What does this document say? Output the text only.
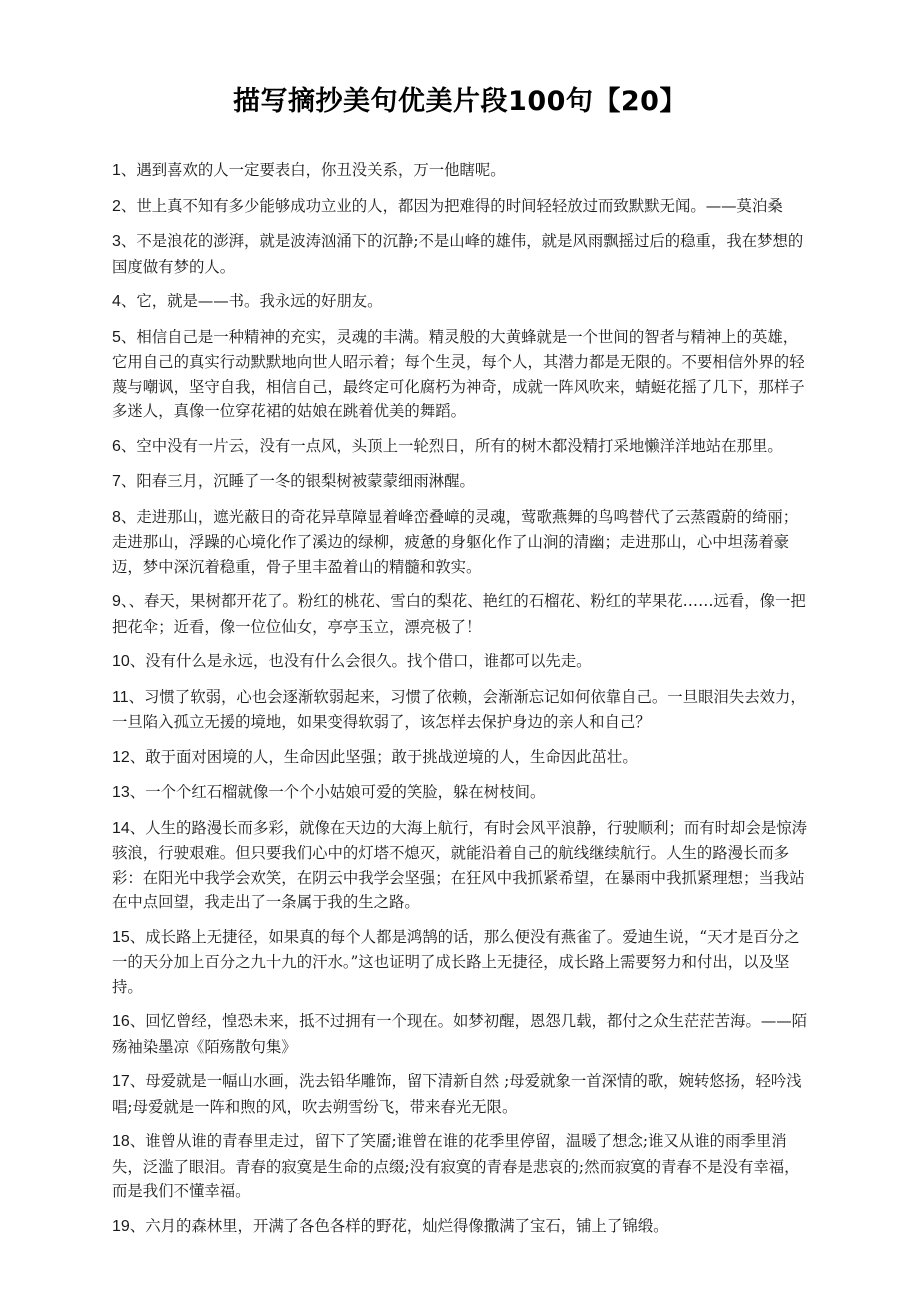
描写摘抄美句优美片段100句【20】

1、遇到喜欢的人一定要表白，你丑没关系，万一他瞎呢。

2、世上真不知有多少能够成功立业的人，都因为把难得的时间轻轻放过而致默默无闻。——莫泊桑

3、不是浪花的澎湃，就是波涛汹涌下的沉静;不是山峰的雄伟，就是风雨飘摇过后的稳重，我在梦想的国度做有梦的人。

4、它，就是——书。我永远的好朋友。

5、相信自己是一种精神的充实，灵魂的丰满。精灵般的大黄蜂就是一个世间的智者与精神上的英雄，它用自己的真实行动默默地向世人昭示着；每个生灵，每个人，其潜力都是无限的。不要相信外界的轻蔑与嘲讽，坚守自我，相信自己，最终定可化腐朽为神奇，成就一阵风吹来，蜻蜓花摇了几下，那样子多迷人，真像一位穿花裙的姑娘在跳着优美的舞蹈。

6、空中没有一片云，没有一点风，头顶上一轮烈日，所有的树木都没精打采地懒洋洋地站在那里。

7、阳春三月，沉睡了一冬的银梨树被蒙蒙细雨淋醒。

8、走进那山，遮光蔽日的奇花异草障显着峰峦叠嶂的灵魂，莺歌燕舞的鸟鸣替代了云蒸霞蔚的绮丽；走进那山，浮躁的心境化作了溪边的绿柳，疲惫的身躯化作了山涧的清幽；走进那山，心中坦荡着豪迈，梦中深沉着稳重，骨子里丰盈着山的精髓和敦实。

9、、春天，果树都开花了。粉红的桃花、雪白的梨花、艳红的石榴花、粉红的苹果花……远看，像一把把花伞；近看，像一位位仙女，亭亭玉立，漂亮极了！

10、没有什么是永远，也没有什么会很久。找个借口，谁都可以先走。

11、习惯了软弱，心也会逐渐软弱起来，习惯了依赖，会渐渐忘记如何依靠自己。一旦眼泪失去效力，一旦陷入孤立无援的境地，如果变得软弱了，该怎样去保护身边的亲人和自己？

12、敢于面对困境的人，生命因此坚强；敢于挑战逆境的人，生命因此茁壮。

13、一个个红石榴就像一个个小姑娘可爱的笑脸，躲在树枝间。

14、人生的路漫长而多彩，就像在天边的大海上航行，有时会风平浪静，行驶顺利；而有时却会是惊涛骇浪，行驶艰难。但只要我们心中的灯塔不熄灭，就能沿着自己的航线继续航行。人生的路漫长而多彩：在阳光中我学会欢笑，在阴云中我学会坚强；在狂风中我抓紧希望，在暴雨中我抓紧理想；当我站在中点回望，我走出了一条属于我的生之路。

15、成长路上无捷径，如果真的每个人都是鸿鹄的话，那么便没有燕雀了。爱迪生说，“天才是百分之一的天分加上百分之九十九的汗水。”这也证明了成长路上无捷径，成长路上需要努力和付出，以及坚持。

16、回忆曾经，惶恐未来，抵不过拥有一个现在。如梦初醒，恩怨几载，都付之众生茫茫苦海。——陌殇袖染墨凉《陌殇散句集》

17、母爱就是一幅山水画，洗去铅华雕饰，留下清新自然 ;母爱就象一首深情的歌，婉转悠扬，轻吟浅唱;母爱就是一阵和煦的风，吹去朔雪纷飞，带来春光无限。

18、谁曾从谁的青春里走过，留下了笑靥;谁曾在谁的花季里停留，温暖了想念;谁又从谁的雨季里消失，泛滥了眼泪。青春的寂寞是生命的点缀;没有寂寞的青春是悲哀的;然而寂寞的青春不是没有幸福，而是我们不懂幸福。

19、六月的森林里，开满了各色各样的野花，灿烂得像撒满了宝石，铺上了锦缎。
